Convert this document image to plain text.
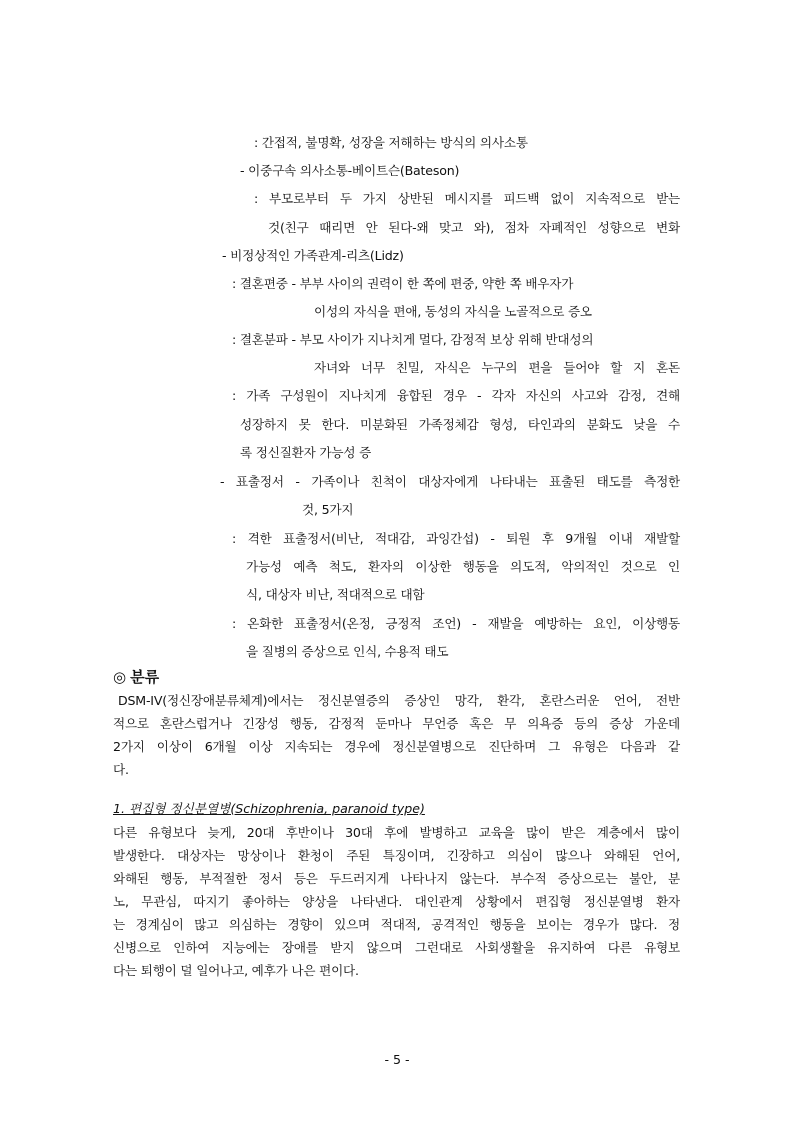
: 간접적, 불명확, 성장을 저해하는 방식의 의사소통
- 이중구속 의사소통-베이트슨(Bateson)
: 부모로부터 두 가지 상반된 메시지를 피드백 없이 지속적으로 받는
것(친구 때리면 안 된다-왜 맞고 와), 점차 자폐적인 성향으로 변화
- 비정상적인 가족관계-리츠(Lidz)
: 결혼편중 - 부부 사이의 권력이 한 쪽에 편중, 약한 쪽 배우자가
이성의 자식을 편애, 동성의 자식을 노골적으로 증오
: 결혼분파 - 부모 사이가 지나치게 멀다, 감정적 보상 위해 반대성의
자녀와 너무 친밀, 자식은 누구의 편을 들어야 할 지 혼돈
: 가족 구성원이 지나치게 융합된 경우 - 각자 자신의 사고와 감정, 견해
성장하지 못 한다. 미분화된 가족정체감 형성, 타인과의 분화도 낮을 수
록 정신질환자 가능성 증
- 표출정서 - 가족이나 친척이 대상자에게 나타내는 표출된 태도를 측정한
것, 5가지
: 격한 표출정서(비난, 적대감, 과잉간섭) - 퇴원 후 9개월 이내 재발할
가능성 예측 척도, 환자의 이상한 행동을 의도적, 악의적인 것으로 인
식, 대상자 비난, 적대적으로 대함
: 온화한 표출정서(온정, 긍정적 조언) - 재발을 예방하는 요인, 이상행동
을 질병의 증상으로 인식, 수용적 태도
◎ 분류
DSM-IV(정신장애분류체계)에서는 정신분열증의 증상인 망각, 환각, 혼란스러운 언어, 전반
적으로 혼란스럽거나 긴장성 행동, 감정적 둔마나 무언증 혹은 무 의욕증 등의 증상 가운데
2가지 이상이 6개월 이상 지속되는 경우에 정신분열병으로 진단하며 그 유형은 다음과 같
다.
1. 편집형 정신분열병(Schizophrenia, paranoid type)
다른 유형보다 늦게, 20대 후반이나 30대 후에 발병하고 교육을 많이 받은 계층에서 많이
발생한다. 대상자는 망상이나 환청이 주된 특징이며, 긴장하고 의심이 많으나 와해된 언어,
와해된 행동, 부적절한 정서 등은 두드러지게 나타나지 않는다. 부수적 증상으로는 불안, 분
노, 무관심, 따지기 좋아하는 양상을 나타낸다. 대인관계 상황에서 편집형 정신분열병 환자
는 경계심이 많고 의심하는 경향이 있으며 적대적, 공격적인 행동을 보이는 경우가 많다. 정
신병으로 인하여 지능에는 장애를 받지 않으며 그런대로 사회생활을 유지하여 다른 유형보
다는 퇴행이 덜 일어나고, 예후가 나은 편이다.
- 5 -
